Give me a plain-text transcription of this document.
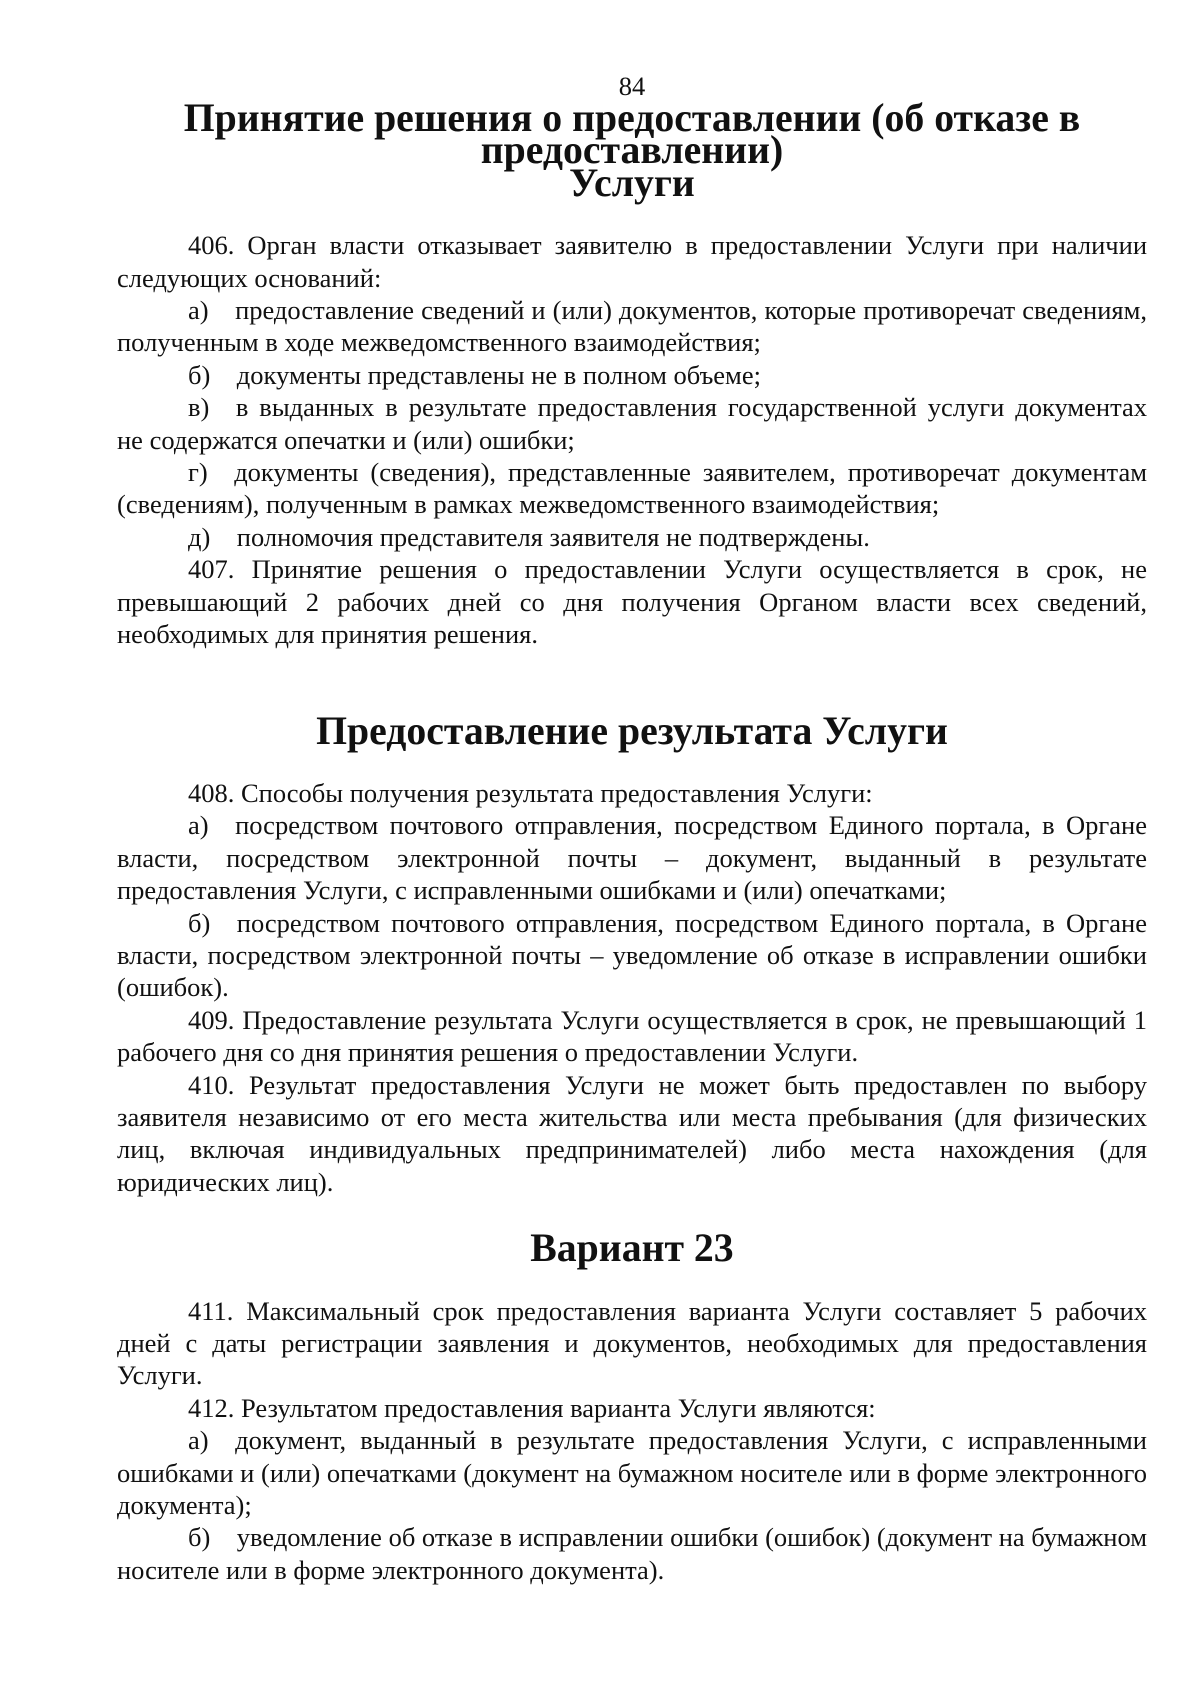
84

Принятие решения о предоставлении (об отказе в предоставлении)
Услуги

406. Орган власти отказывает заявителю в предоставлении Услуги при наличии следующих оснований:

а) предоставление сведений и (или) документов, которые противоречат сведениям, полученным в ходе межведомственного взаимодействия;

б) документы представлены не в полном объеме;

в) в выданных в результате предоставления государственной услуги документах не содержатся опечатки и (или) ошибки;

г) документы (сведения), представленные заявителем, противоречат документам (сведениям), полученным в рамках межведомственного взаимодействия;

д) полномочия представителя заявителя не подтверждены.

407. Принятие решения о предоставлении Услуги осуществляется в срок, не превышающий 2 рабочих дней со дня получения Органом власти всех сведений, необходимых для принятия решения.

Предоставление результата Услуги

408. Способы получения результата предоставления Услуги:

а) посредством почтового отправления, посредством Единого портала, в Органе власти, посредством электронной почты – документ, выданный в результате предоставления Услуги, с исправленными ошибками и (или) опечатками;

б) посредством почтового отправления, посредством Единого портала, в Органе власти, посредством электронной почты – уведомление об отказе в исправлении ошибки (ошибок).

409. Предоставление результата Услуги осуществляется в срок, не превышающий 1 рабочего дня со дня принятия решения о предоставлении Услуги.

410. Результат предоставления Услуги не может быть предоставлен по выбору заявителя независимо от его места жительства или места пребывания (для физических лиц, включая индивидуальных предпринимателей) либо места нахождения (для юридических лиц).

Вариант 23

411. Максимальный срок предоставления варианта Услуги составляет 5 рабочих дней с даты регистрации заявления и документов, необходимых для предоставления Услуги.

412. Результатом предоставления варианта Услуги являются:

а) документ, выданный в результате предоставления Услуги, с исправленными ошибками и (или) опечатками (документ на бумажном носителе или в форме электронного документа);

б) уведомление об отказе в исправлении ошибки (ошибок) (документ на бумажном носителе или в форме электронного документа).
